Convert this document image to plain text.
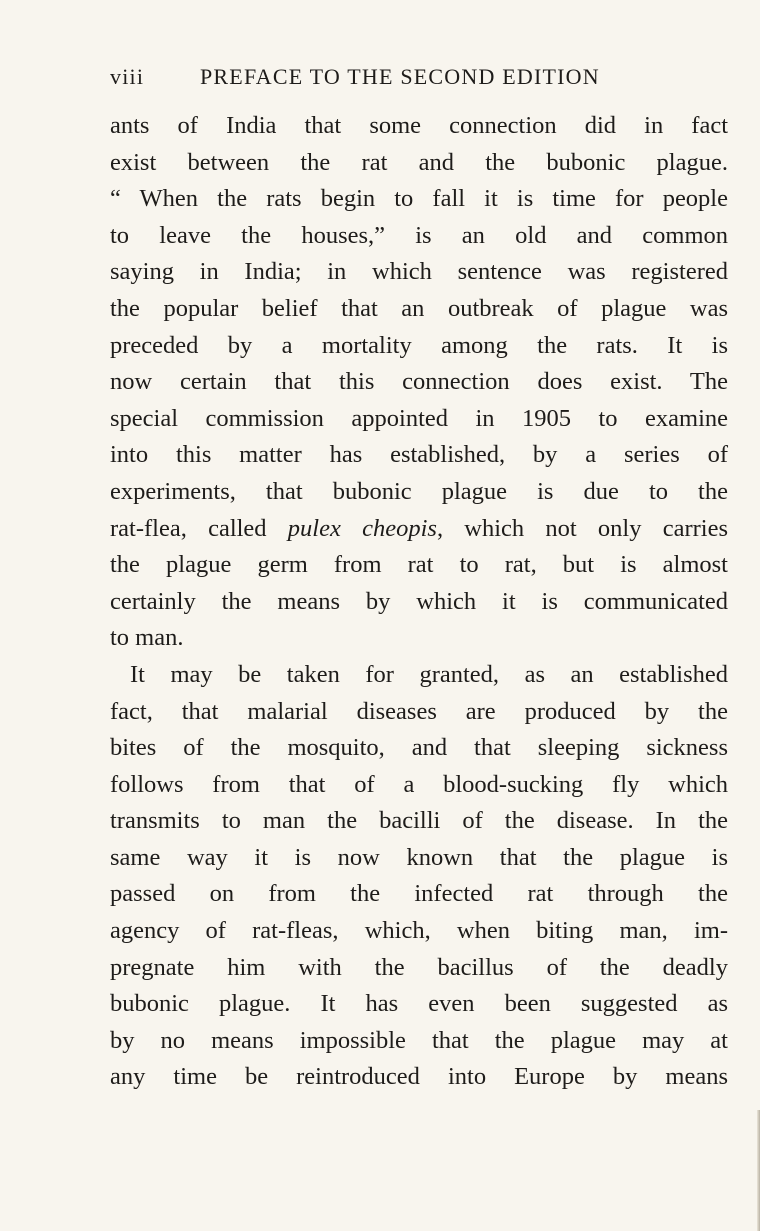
viii	PREFACE TO THE SECOND EDITION
ants of India that some connection did in fact
exist between the rat and the bubonic plague.
“ When the rats begin to fall it is time for people
to leave the houses,” is an old and common
saying in India; in which sentence was registered
the popular belief that an outbreak of plague was
preceded by a mortality among the rats. It is
now certain that this connection does exist. The
special commission appointed in 1905 to examine
into this matter has established, by a series of
experiments, that bubonic plague is due to the
rat-flea, called pulex cheopis, which not only carries
the plague germ from rat to rat, but is almost
certainly the means by which it is communicated
to man.
It may be taken for granted, as an established
fact, that malarial diseases are produced by the
bites of the mosquito, and that sleeping sickness
follows from that of a blood-sucking fly which
transmits to man the bacilli of the disease. In the
same way it is now known that the plague is
passed on from the infected rat through the
agency of rat-fleas, which, when biting man, im-
pregnate him with the bacillus of the deadly
bubonic plague. It has even been suggested as
by no means impossible that the plague may at
any time be reintroduced into Europe by means
